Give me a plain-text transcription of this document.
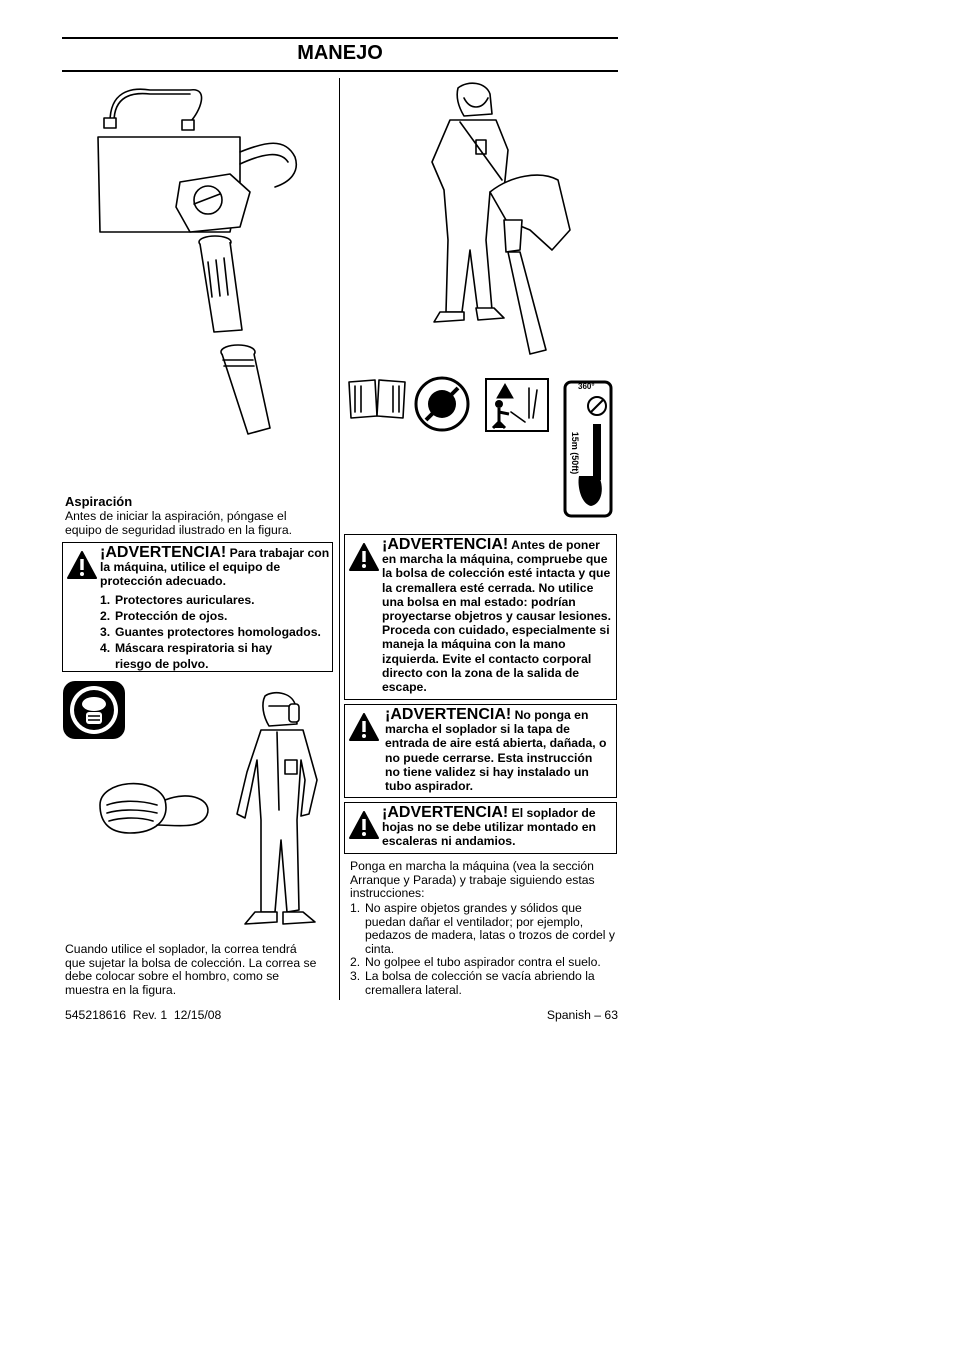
MANEJO
Aspiración
Antes de iniciar la aspiración, póngase el equipo de seguridad ilustrado en la figura.
¡ADVERTENCIA! Para trabajar con la máquina, utilice el equipo de protección adecuado.
1. Protectores auriculares.
2. Protección de ojos.
3. Guantes protectores homologados.
4. Máscara respiratoria si hay riesgo de polvo.
Cuando utilice el soplador, la correa tendrá que sujetar la bolsa de colección. La correa se debe colocar sobre el hombro, como se muestra en la figura.
360°
15m (50ft)
¡ADVERTENCIA! Antes de poner en marcha la máquina, compruebe que la bolsa de colección esté intacta y que la cremallera esté cerrada. No utilice una bolsa en mal estado: podrían proyectarse objetros y causar lesiones. Proceda con cuidado, especialmente si maneja la máquina con la mano izquierda. Evite el contacto corporal directo con la zona de la salida de escape.
¡ADVERTENCIA! No ponga en marcha el soplador si la tapa de entrada de aire está abierta, dañada, o no puede cerrarse. Esta instrucción no tiene validez si hay instalado un tubo aspirador.
¡ADVERTENCIA! El soplador de hojas no se debe utilizar montado en escaleras ni andamios.
Ponga en marcha la máquina (vea la sección Arranque y Parada) y trabaje siguiendo estas instrucciones:
1. No aspire objetos grandes y sólidos que puedan dañar el ventilador; por ejemplo, pedazos de madera, latas o trozos de cordel y cinta.
2. No golpee el tubo aspirador contra el suelo.
3. La bolsa de colección se vacía abriendo la cremallera lateral.
545218616  Rev. 1  12/15/08	Spanish – 63
